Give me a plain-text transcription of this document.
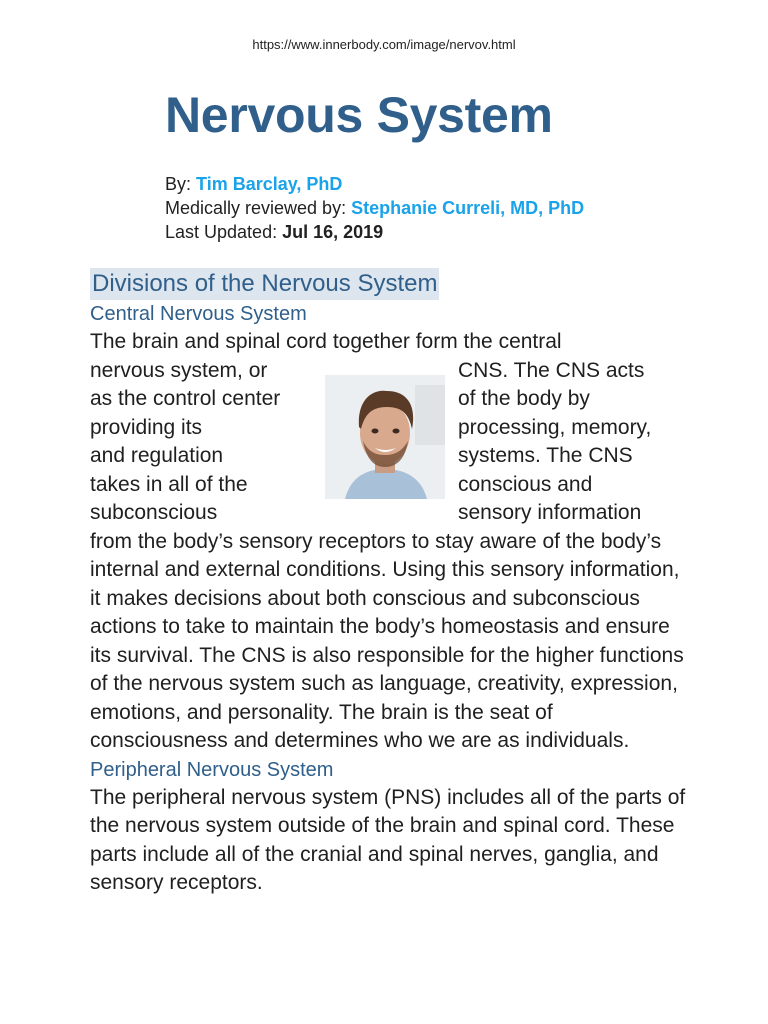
https://www.innerbody.com/image/nervov.html
Nervous System
By: Tim Barclay, PhD
Medically reviewed by: Stephanie Curreli, MD, PhD
Last Updated: Jul 16, 2019
Divisions of the Nervous System
Central Nervous System

The brain and spinal cord together form the central

nervous system, or
as the control center
providing its
and regulation
takes in all of the
subconscious
CNS. The CNS acts
of the body by
processing, memory,
systems. The CNS
conscious and
sensory information

from the body’s sensory receptors to stay aware of the body’s internal and external conditions. Using this sensory information, it makes decisions about both conscious and subconscious actions to take to maintain the body’s homeostasis and ensure its survival. The CNS is also responsible for the higher functions of the nervous system such as language, creativity, expression, emotions, and personality. The brain is the seat of consciousness and determines who we are as individuals.

Peripheral Nervous System

The peripheral nervous system (PNS) includes all of the parts of the nervous system outside of the brain and spinal cord. These parts include all of the cranial and spinal nerves, ganglia, and sensory receptors.
